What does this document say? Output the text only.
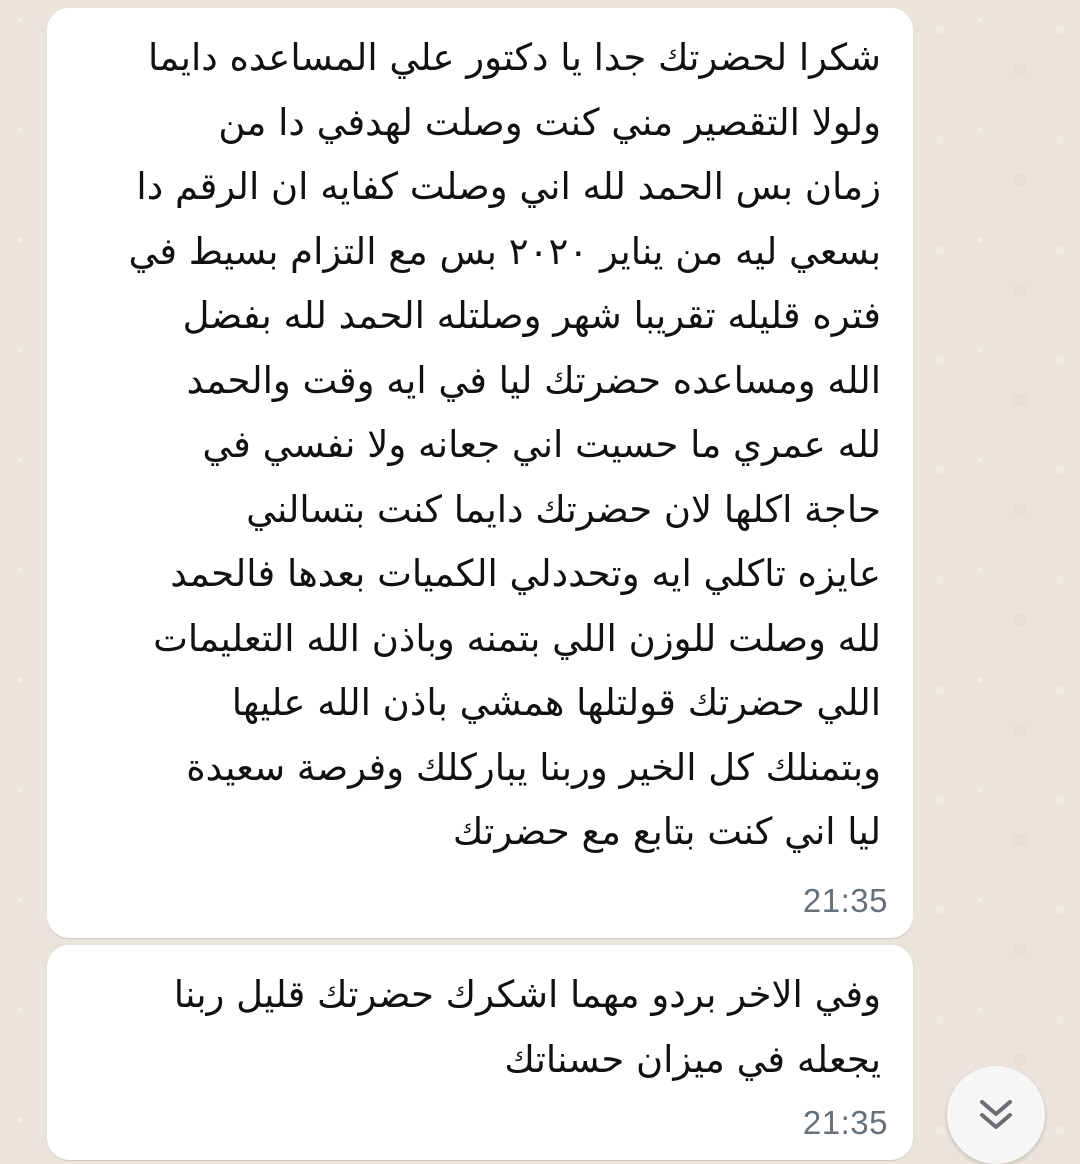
شكرا لحضرتك جدا يا دكتور علي المساعده دايما
ولولا التقصير مني كنت وصلت لهدفي دا من
زمان بس الحمد لله اني وصلت كفايه ان الرقم دا
بسعي ليه من يناير ٢٠٢٠ بس مع التزام بسيط في
فتره قليله تقريبا شهر وصلتله الحمد لله بفضل
الله ومساعده حضرتك ليا في ايه وقت والحمد
لله عمري ما حسيت اني جعانه ولا نفسي في
حاجة اكلها لان حضرتك دايما كنت بتسالني
عايزه تاكلي ايه وتحددلي الكميات بعدها فالحمد
لله وصلت للوزن اللي بتمنه وباذن الله التعليمات
اللي حضرتك قولتلها همشي باذن الله عليها
وبتمنلك كل الخير وربنا يباركلك وفرصة سعيدة
ليا اني كنت بتابع مع حضرتك

21:35

وفي الاخر بردو مهما اشكرك حضرتك قليل ربنا
يجعله في ميزان حسناتك

21:35
